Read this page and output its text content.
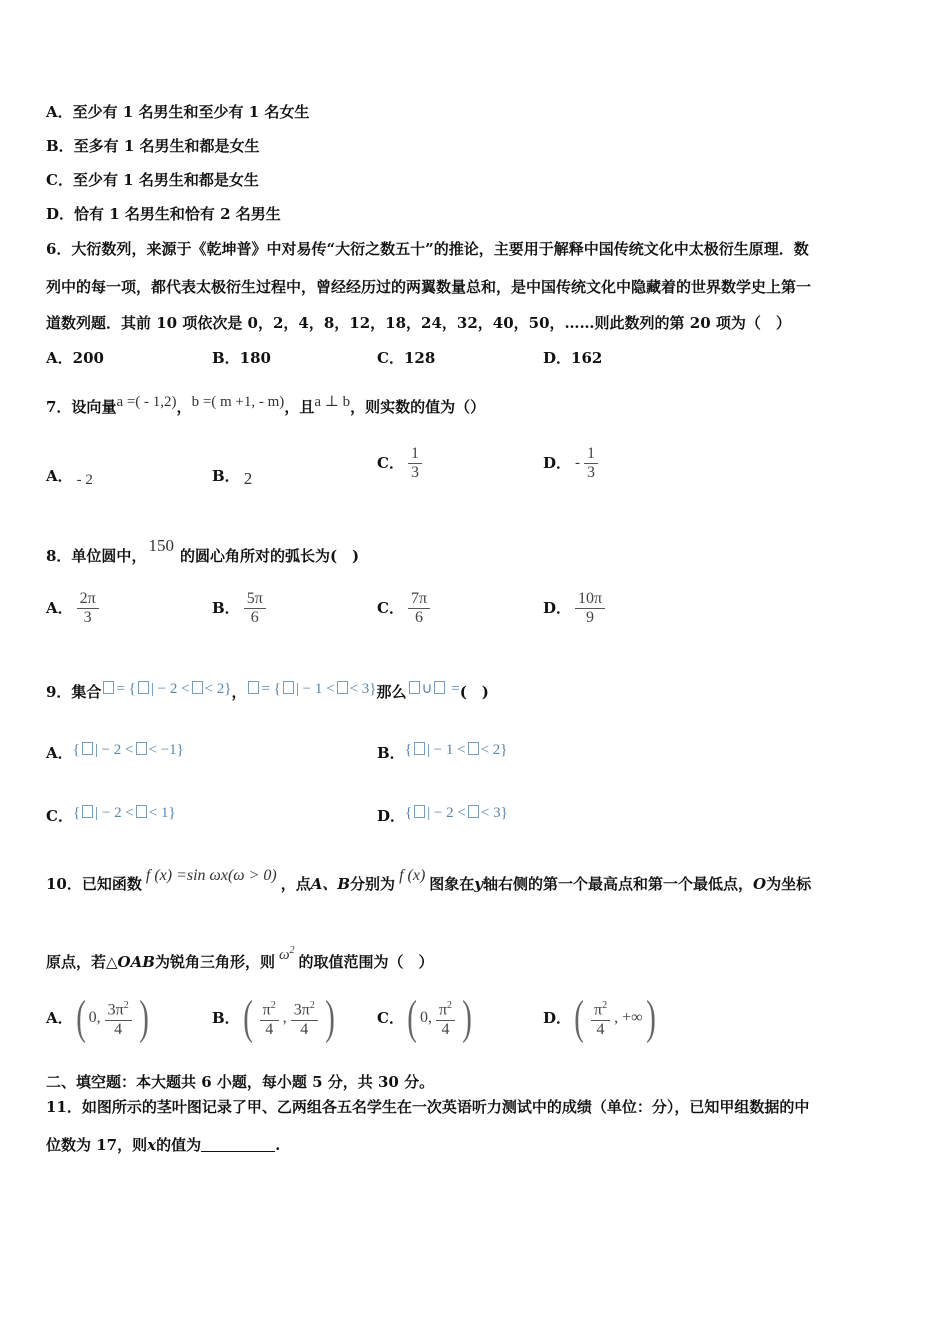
A．至少有 1 名男生和至少有 1 名女生
B．至多有 1 名男生和都是女生
C．至少有 1 名男生和都是女生
D．恰有 1 名男生和恰有 2 名男生
6．大衍数列，来源于《乾坤普》中对易传“大衍之数五十”的推论，主要用于解释中国传统文化中太极衍生原理．数
列中的每一项，都代表太极衍生过程中，曾经经历过的两翼数量总和，是中国传统文化中隐藏着的世界数学史上第一
道数列题．其前 10 项依次是 0，2，4，8，12，18，24，32，40，50，……则此数列的第 20 项为（　）
A．200	B．180	C．128	D．162
7．设向量a =( - 1,2)，b =( m +1, - m)，且a ⊥ b，则实数的值为（）
A． - 2	B． 2
C． $\frac{1}{3}$	D． - $\frac{1}{3}$
8．单位圆中，150的圆心角所对的弧长为(　)
A． $\frac{2\pi}{3}$	B． $\frac{5\pi}{6}$	C． $\frac{7\pi}{6}$	D． $\frac{10\pi}{9}$
9．集合 = { | − 2 < < 2}， = { | − 1 < < 3}那么 ∪ =(　)
A．{ | − 2 < < −1}	B．{ | − 1 < < 2}
C．{ | − 2 < < 1}	D．{ | − 2 < < 3}
10．已知函数 f (x) =sin ωx(ω > 0) ，点A、B分别为 f (x) 图象在y轴右侧的第一个最高点和第一个最低点，O为坐标
原点，若△OAB为锐角三角形，则 $\omega^2$的取值范围为（　）
A． ( 0, $\frac{3\pi^2}{4}$ )	B． ( $\frac{\pi^2}{4}$ , $\frac{3\pi^2}{4}$ )	C． ( 0, $\frac{\pi^2}{4}$ )	D． ( $\frac{\pi^2}{4}$ , +∞ )
二、填空题：本大题共 6 小题，每小题 5 分，共 30 分。
11．如图所示的茎叶图记录了甲、乙两组各五名学生在一次英语听力测试中的成绩（单位：分），已知甲组数据的中
位数为 17，则x的值为	.
